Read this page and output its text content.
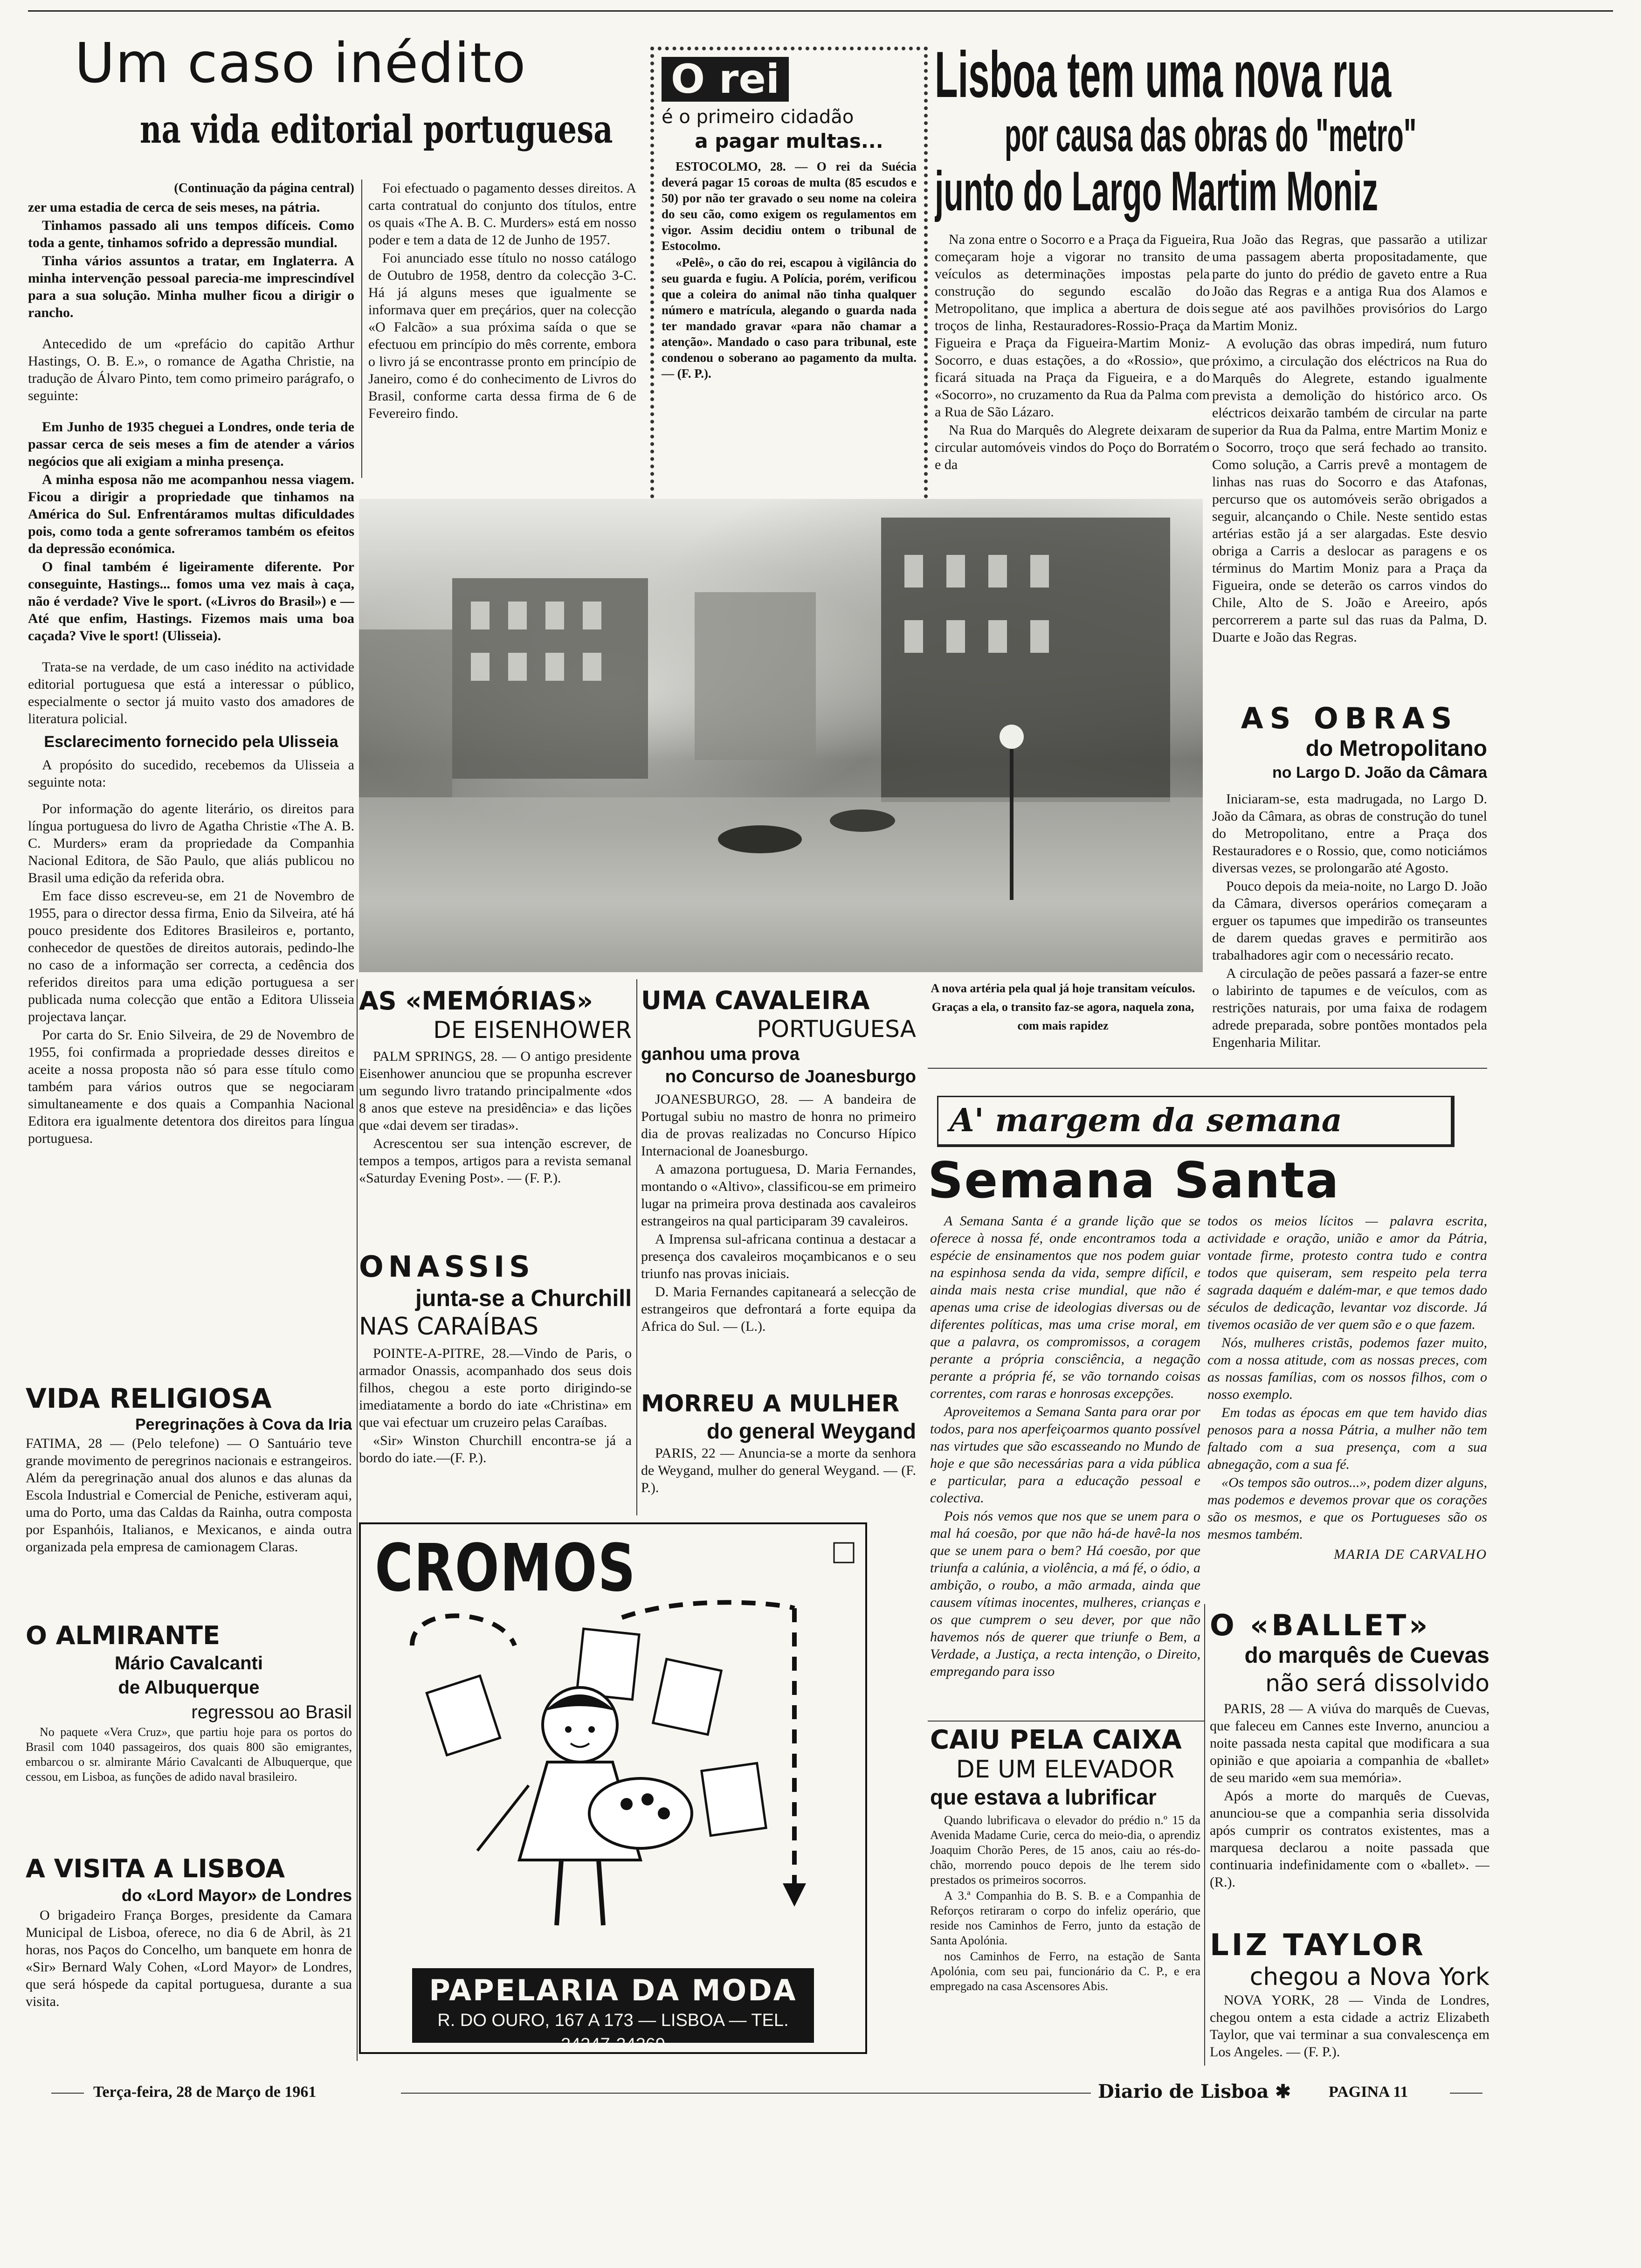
Um caso inédito
na vida editorial portuguesa
(Continuação da página central)

zer uma estadia de cerca de seis meses, na pátria.

Tinhamos passado ali uns tempos difíceis. Como toda a gente, tinhamos sofrido a depressão mundial.

Tinha vários assuntos a tratar, em Inglaterra. A minha intervenção pessoal parecia-me imprescindível para a sua solução. Minha mulher ficou a dirigir o rancho.

Antecedido de um «prefácio do capitão Arthur Hastings, O. B. E.», o romance de Agatha Christie, na tradução de Álvaro Pinto, tem como primeiro parágrafo, o seguinte:

Em Junho de 1935 cheguei a Londres, onde teria de passar cerca de seis meses a fim de atender a vários negócios que ali exigiam a minha presença.

A minha esposa não me acompanhou nessa viagem. Ficou a dirigir a propriedade que tinhamos na América do Sul. Enfrentáramos multas dificuldades pois, como toda a gente sofreramos também os efeitos da depressão económica.

O final também é ligeiramente diferente. Por conseguinte, Hastings... fomos uma vez mais à caça, não é verdade? Vive le sport. («Livros do Brasil») e — Até que enfim, Hastings. Fizemos mais uma boa caçada? Vive le sport! (Ulisseia).

Trata-se na verdade, de um caso inédito na actividade editorial portuguesa que está a interessar o público, especialmente o sector já muito vasto dos amadores de literatura policial.

Esclarecimento fornecido pela Ulisseia

A propósito do sucedido, recebemos da Ulisseia a seguinte nota:

Por informação do agente literário, os direitos para língua portuguesa do livro de Agatha Christie «The A. B. C. Murders» eram da propriedade da Companhia Nacional Editora, de São Paulo, que aliás publicou no Brasil uma edição da referida obra.

Em face disso escreveu-se, em 21 de Novembro de 1955, para o director dessa firma, Enio da Silveira, até há pouco presidente dos Editores Brasileiros e, portanto, conhecedor de questões de direitos autorais, pedindo-lhe no caso de a informação ser correcta, a cedência dos referidos direitos para uma edição portuguesa a ser publicada numa colecção que então a Editora Ulisseia projectava lançar.

Por carta do Sr. Enio Silveira, de 29 de Novembro de 1955, foi confirmada a propriedade desses direitos e aceite a nossa proposta não só para esse título como também para vários outros que se negociaram simultaneamente e dos quais a Companhia Nacional Editora era igualmente detentora dos direitos para língua portuguesa.

Foi efectuado o pagamento desses direitos. A carta contratual do conjunto dos títulos, entre os quais «The A. B. C. Murders» está em nosso poder e tem a data de 12 de Junho de 1957.

Foi anunciado esse título no nosso catálogo de Outubro de 1958, dentro da colecção 3-C. Há já alguns meses que igualmente se informava quer em preçários, quer na colecção «O Falcão» a sua próxima saída o que se efectuou em princípio do mês corrente, embora o livro já se encontrasse pronto em princípio de Janeiro, como é do conhecimento de Livros do Brasil, conforme carta dessa firma de 6 de Fevereiro findo.

O rei
é o primeiro cidadão
a pagar multas...

ESTOCOLMO, 28. — O rei da Suécia deverá pagar 15 coroas de multa (85 escudos e 50) por não ter gravado o seu nome na coleira do seu cão, como exigem os regulamentos em vigor. Assim decidiu ontem o tribunal de Estocolmo.

«Pelê», o cão do rei, escapou à vigilância do seu guarda e fugiu. A Polícia, porém, verificou que a coleira do animal não tinha qualquer número e matrícula, alegando o guarda nada ter mandado gravar «para não chamar a atenção». Mandado o caso para tribunal, este condenou o soberano ao pagamento da multa. — (F. P.).

Lisboa tem uma nova rua
por causa das obras do "metro"
junto do Largo Martim Moniz

Na zona entre o Socorro e a Praça da Figueira, começaram hoje a vigorar no transito de veículos as determinações impostas pela construção do segundo escalão do Metropolitano, que implica a abertura de dois troços de linha, Restauradores-Rossio-Praça da Figueira e Praça da Figueira-Martim Moniz-Socorro, e duas estações, a do «Rossio», que ficará situada na Praça da Figueira, e a do «Socorro», no cruzamento da Rua da Palma com a Rua de São Lázaro.

Na Rua do Marquês do Alegrete deixaram de circular automóveis vindos do Poço do Borratém e da

Rua João das Regras, que passarão a utilizar uma passagem aberta propositadamente, que parte do junto do prédio de gaveto entre a Rua João das Regras e a antiga Rua dos Alamos e segue até aos pavilhões provisórios do Largo Martim Moniz.

A evolução das obras impedirá, num futuro próximo, a circulação dos eléctricos na Rua do Marquês do Alegrete, estando igualmente prevista a demolição do histórico arco. Os eléctricos deixarão também de circular na parte superior da Rua da Palma, entre Martim Moniz e o Socorro, troço que será fechado ao transito. Como solução, a Carris prevê a montagem de linhas nas ruas do Socorro e das Atafonas, percurso que os automóveis serão obrigados a seguir, alcançando o Chile. Neste sentido estas artérias estão já a ser alargadas. Este desvio obriga a Carris a deslocar as paragens e os términus do Martim Moniz para a Praça da Figueira, onde se deterão os carros vindos do Chile, Alto de S. João e Areeiro, após percorrerem a parte sul das ruas da Palma, D. Duarte e João das Regras.

A nova artéria pela qual já hoje transitam veículos. Graças a ela, o transito faz-se agora, naquela zona, com mais rapidez
AS OBRAS
do Metropolitano
no Largo D. João da Câmara

Iniciaram-se, esta madrugada, no Largo D. João da Câmara, as obras de construção do tunel do Metropolitano, entre a Praça dos Restauradores e o Rossio, que, como noticiámos diversas vezes, se prolongarão até Agosto.

Pouco depois da meia-noite, no Largo D. João da Câmara, diversos operários começaram a erguer os tapumes que impedirão os transeuntes de darem quedas graves e permitirão aos trabalhadores agir com o necessário recato.

A circulação de peões passará a fazer-se entre o labirinto de tapumes e de veículos, com as restrições naturais, por uma faixa de rodagem adrede preparada, sobre pontões montados pela Engenharia Militar.

VIDA RELIGIOSA
Peregrinações à Cova da Iria

FATIMA, 28 — (Pelo telefone) — O Santuário teve grande movimento de peregrinos nacionais e estrangeiros. Além da peregrinação anual dos alunos e das alunas da Escola Industrial e Comercial de Peniche, estiveram aqui, uma do Porto, uma das Caldas da Rainha, outra composta por Espanhóis, Italianos, e Mexicanos, e ainda outra organizada pela empresa de camionagem Claras.

O ALMIRANTE
Mário Cavalcanti
de Albuquerque
regressou ao Brasil

No paquete «Vera Cruz», que partiu hoje para os portos do Brasil com 1040 passageiros, dos quais 800 são emigrantes, embarcou o sr. almirante Mário Cavalcanti de Albuquerque, que cessou, em Lisboa, as funções de adido naval brasileiro.

A VISITA A LISBOA
do «Lord Mayor» de Londres

O brigadeiro França Borges, presidente da Camara Municipal de Lisboa, oferece, no dia 6 de Abril, às 21 horas, nos Paços do Concelho, um banquete em honra de «Sir» Bernard Waly Cohen, «Lord Mayor» de Londres, que será hóspede da capital portuguesa, durante a sua visita.

AS «MEMÓRIAS»
DE EISENHOWER

PALM SPRINGS, 28. — O antigo presidente Eisenhower anunciou que se propunha escrever um segundo livro tratando principalmente «dos 8 anos que esteve na presidência» e das lições que «dai devem ser tiradas».

Acrescentou ser sua intenção escrever, de tempos a tempos, artigos para a revista semanal «Saturday Evening Post». — (F. P.).

ONASSIS
junta-se a Churchill
NAS CARAÍBAS

POINTE-A-PITRE, 28.—Vindo de Paris, o armador Onassis, acompanhado dos seus dois filhos, chegou a este porto dirigindo-se imediatamente a bordo do iate «Christina» em que vai efectuar um cruzeiro pelas Caraíbas.

«Sir» Winston Churchill encontra-se já a bordo do iate.—(F. P.).

UMA CAVALEIRA
PORTUGUESA
ganhou uma prova
no Concurso de Joanesburgo

JOANESBURGO, 28. — A bandeira de Portugal subiu no mastro de honra no primeiro dia de provas realizadas no Concurso Hípico Internacional de Joanesburgo.

A amazona portuguesa, D. Maria Fernandes, montando o «Altivo», classificou-se em primeiro lugar na primeira prova destinada aos cavaleiros estrangeiros na qual participaram 39 cavaleiros.

A Imprensa sul-africana continua a destacar a presença dos cavaleiros moçambicanos e o seu triunfo nas provas iniciais.

D. Maria Fernandes capitaneará a selecção de estrangeiros que defrontará a forte equipa da Africa do Sul. — (L.).

MORREU A MULHER
do general Weygand

PARIS, 22 — Anuncia-se a morte da senhora de Weygand, mulher do general Weygand. — (F. P.).

CROMOS
PAPELARIA DA MODA
R. DO OURO, 167 A 173 — LISBOA — TEL. 24347-24269
A' margem da semana
Semana Santa

A Semana Santa é a grande lição que se oferece à nossa fé, onde encontramos toda a espécie de ensinamentos que nos podem guiar na espinhosa senda da vida, sempre difícil, e ainda mais nesta crise mundial, que não é apenas uma crise de ideologias diversas ou de diferentes políticas, mas uma crise moral, em que a palavra, os compromissos, a coragem perante a própria consciência, a negação perante a própria fé, se vão tornando coisas correntes, com raras e honrosas excepções.

Aproveitemos a Semana Santa para orar por todos, para nos aperfeiçoarmos quanto possível nas virtudes que são escasseando no Mundo de hoje e que são necessárias para a vida pública e particular, para a educação pessoal e colectiva.

Pois nós vemos que nos que se unem para o mal há coesão, por que não há-de havê-la nos que se unem para o bem? Há coesão, por que triunfa a calúnia, a violência, a má fé, o ódio, a ambição, o roubo, a mão armada, ainda que causem vítimas inocentes, mulheres, crianças e os que cumprem o seu dever, por que não havemos nós de querer que triunfe o Bem, a Verdade, a Justiça, a recta intenção, o Direito, empregando para isso

todos os meios lícitos — palavra escrita, actividade e oração, união e amor da Pátria, vontade firme, protesto contra tudo e contra todos que quiseram, sem respeito pela terra sagrada daquém e dalém-mar, e que temos dado séculos de dedicação, levantar voz discorde. Já tivemos ocasião de ver quem são e o que fazem.

Nós, mulheres cristãs, podemos fazer muito, com a nossa atitude, com as nossas preces, com as nossas famílias, com os nossos filhos, com o nosso exemplo.

Em todas as épocas em que tem havido dias penosos para a nossa Pátria, a mulher não tem faltado com a sua presença, com a sua abnegação, com a sua fé.

«Os tempos são outros...», podem dizer alguns, mas podemos e devemos provar que os corações são os mesmos, e que os Portugueses são os mesmos também.

MARIA DE CARVALHO
CAIU PELA CAIXA
DE UM ELEVADOR
que estava a lubrificar

Quando lubrificava o elevador do prédio n.º 15 da Avenida Madame Curie, cerca do meio-dia, o aprendiz Joaquim Chorão Peres, de 15 anos, caiu ao rés-do-chão, morrendo pouco depois de lhe terem sido prestados os primeiros socorros.

A 3.ª Companhia do B. S. B. e a Companhia de Reforços retiraram o corpo do infeliz operário, que reside nos Caminhos de Ferro, junto da estação de Santa Apolónia.

nos Caminhos de Ferro, na estação de Santa Apolónia, com seu pai, funcionário da C. P., e era empregado na casa Ascensores Abis.

O «BALLET»
do marquês de Cuevas
não será dissolvido

PARIS, 28 — A viúva do marquês de Cuevas, que faleceu em Cannes este Inverno, anunciou a noite passada nesta capital que modificara a sua opinião e que apoiaria a companhia de «ballet» de seu marido «em sua memória».

Após a morte do marquês de Cuevas, anunciou-se que a companhia seria dissolvida após cumprir os contratos existentes, mas a marquesa declarou a noite passada que continuaria indefinidamente com o «ballet». — (R.).

LIZ TAYLOR
chegou a Nova York

NOVA YORK, 28 — Vinda de Londres, chegou ontem a esta cidade a actriz Elizabeth Taylor, que vai terminar a sua convalescença em Los Angeles. — (F. P.).

Terça-feira, 28 de Março de 1961	Diario de Lisboa ✱	PAGINA 11
